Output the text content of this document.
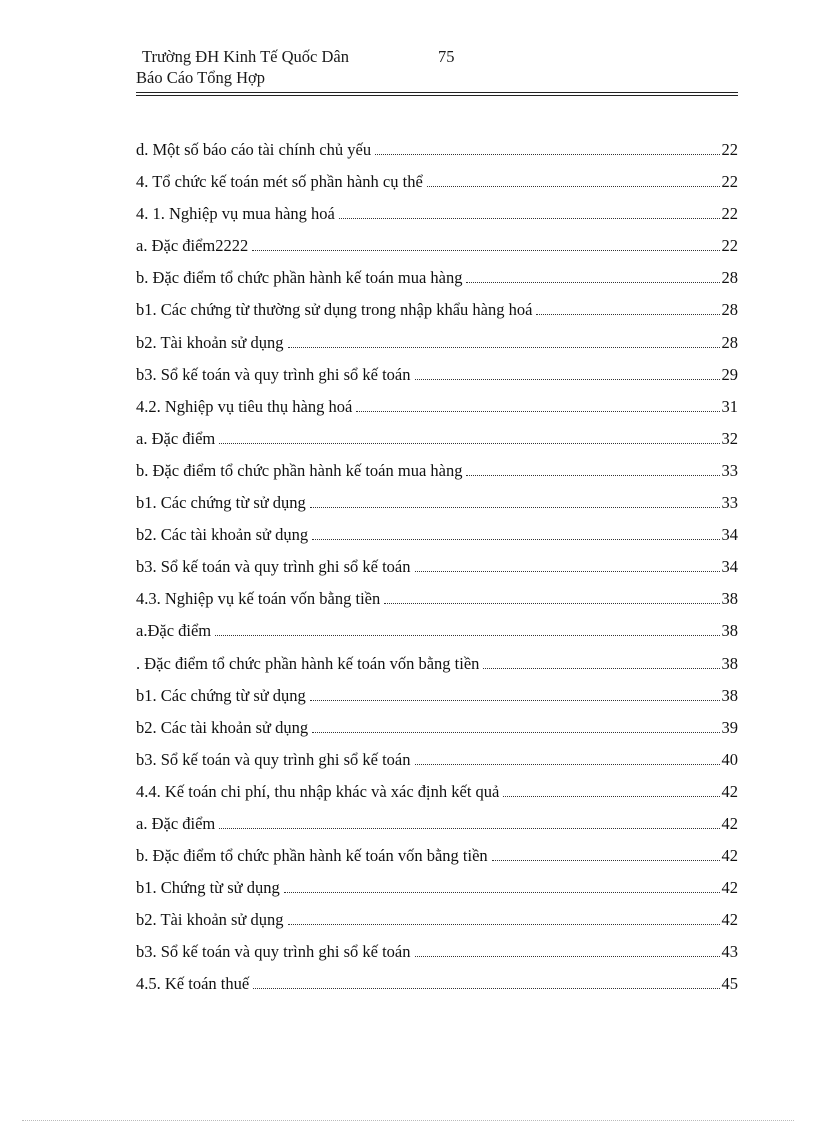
Trường ĐH Kinh Tế Quốc Dân	75
Báo Cáo Tổng Hợp
d. Một số báo cáo tài chính chủ yếu	22
4. Tổ chức kế toán mét số phần hành cụ thể	22
4. 1. Nghiệp vụ mua hàng hoá	22
a. Đặc điểm2222	22
b. Đặc điểm tổ chức phần hành kế toán mua hàng	28
b1. Các chứng từ thường sử dụng trong nhập khẩu hàng hoá	28
b2. Tài khoản sử dụng	28
b3. Sổ kế toán và quy trình ghi sổ kế toán	29
4.2. Nghiệp vụ tiêu thụ hàng hoá	31
a. Đặc điểm	32
b. Đặc điểm tổ chức phần hành kế toán mua hàng	33
b1. Các chứng từ sử dụng	33
b2. Các tài khoản sử dụng	34
b3. Sổ kế toán và quy trình ghi sổ kế toán	34
4.3. Nghiệp vụ kế toán vốn bằng tiền	38
a.Đặc điểm	38
. Đặc điểm tổ chức phần hành kế toán vốn bằng tiền	38
b1. Các chứng từ sử dụng	38
b2. Các tài khoản sử dụng	39
b3. Sổ kế toán và quy trình ghi sổ kế toán	40
4.4. Kế toán chi phí, thu nhập khác và xác định kết quả	42
a. Đặc điểm	42
b. Đặc điểm tổ chức phần hành kế toán vốn bằng tiền	42
b1. Chứng từ sử dụng	42
b2. Tài khoản sử dụng	42
b3. Sổ kế toán và quy trình ghi sổ kế toán	43
4.5. Kế toán thuế	45
